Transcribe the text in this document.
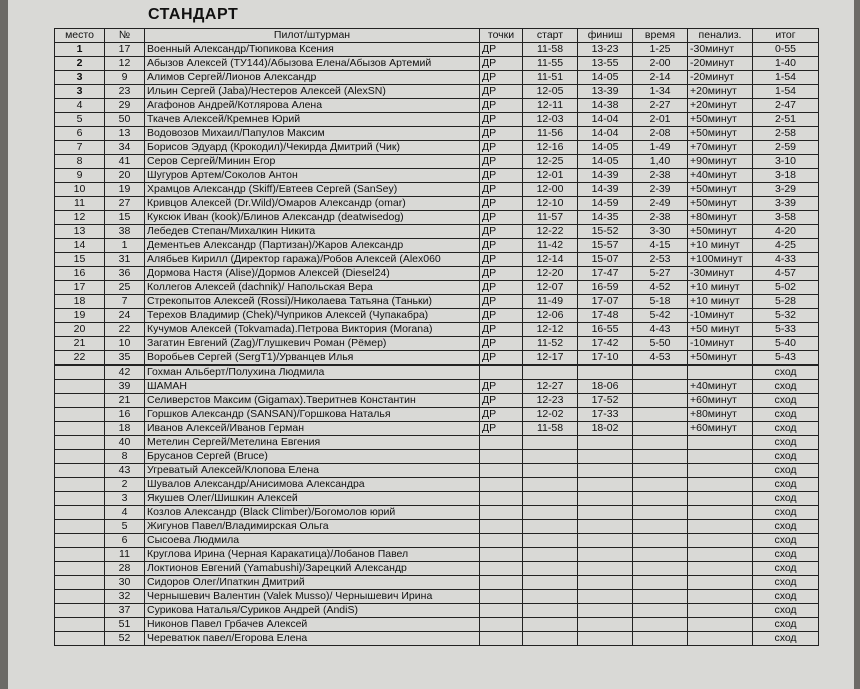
СТАНДАРТ
место	№	Пилот/штурман	точки	старт	финиш	время	пенализ.	итог
1	17	Военный Александр/Тюпикова Ксения	ДР	11-58	13-23	1-25	-30минут	0-55
2	12	Абызов Алексей (ТУ144)/Абызова Елена/Абызов Артемий	ДР	11-55	13-55	2-00	-20минут	1-40
3	9	Алимов Сергей/Лионов Александр	ДР	11-51	14-05	2-14	-20минут	1-54
3	23	Ильин Сергей (Jaba)/Нестеров Алексей (AlexSN)	ДР	12-05	13-39	1-34	+20минут	1-54
4	29	Агафонов Андрей/Котлярова Алена	ДР	12-11	14-38	2-27	+20минут	2-47
5	50	Ткачев Алексей/Кремнев Юрий	ДР	12-03	14-04	2-01	+50минут	2-51
6	13	Водовозов Михаил/Папулов Максим	ДР	11-56	14-04	2-08	+50минут	2-58
7	34	Борисов Эдуард (Крокодил)/Чекирда Дмитрий (Чик)	ДР	12-16	14-05	1-49	+70минут	2-59
8	41	Серов Сергей/Минин Егор	ДР	12-25	14-05	1,40	+90минут	3-10
9	20	Шугуров Артем/Соколов Антон	ДР	12-01	14-39	2-38	+40минут	3-18
10	19	Храмцов Александр (Skiff)/Евтеев Сергей (SanSey)	ДР	12-00	14-39	2-39	+50минут	3-29
11	27	Кривцов Алексей (Dr.Wild)/Омаров Александр (omar)	ДР	12-10	14-59	2-49	+50минут	3-39
12	15	Куксюк Иван (kook)/Блинов Александр (deatwisedog)	ДР	11-57	14-35	2-38	+80минут	3-58
13	38	Лебедев Степан/Михалкин Никита	ДР	12-22	15-52	3-30	+50минут	4-20
14	1	Дементьев Александр (Партизан)/Жаров Александр	ДР	11-42	15-57	4-15	+10 минут	4-25
15	31	Алябьев Кирилл (Директор гаража)/Робов Алексей (Alex060	ДР	12-14	15-07	2-53	+100минут	4-33
16	36	Дормова Настя (Alise)/Дормов Алексей (Diesel24)	ДР	12-20	17-47	5-27	-30минут	4-57
17	25	Коллегов Алексей (dachnik)/ Напольская Вера	ДР	12-07	16-59	4-52	+10 минут	5-02
18	7	Стрекопытов Алексей (Rossi)/Николаева Татьяна (Таньки)	ДР	11-49	17-07	5-18	+10 минут	5-28
19	24	Терехов Владимир (Chek)/Чуприков Алексей (Чупакабра)	ДР	12-06	17-48	5-42	-10минут	5-32
20	22	Кучумов Алексей (Tokvamada).Петрова Виктория (Morana)	ДР	12-12	16-55	4-43	+50 минут	5-33
21	10	Загатин Евгений (Zag)/Глушкевич Роман (Рёмер)	ДР	11-52	17-42	5-50	-10минут	5-40
22	35	Воробьев Сергей (SergT1)/Урванцев Илья	ДР	12-17	17-10	4-53	+50минут	5-43
	42	Гохман Альберт/Полухина Людмила						сход
	39	ШАМАН	ДР	12-27	18-06		+40минут	сход
	21	Селиверстов Максим (Gigamax).Тверитнев Константин	ДР	12-23	17-52		+60минут	сход
	16	Горшков Александр (SANSAN)/Горшкова Наталья	ДР	12-02	17-33		+80минут	сход
	18	Иванов Алексей/Иванов Герман	ДР	11-58	18-02		+60минут	сход
	40	Метелин Сергей/Метелина Евгения						сход
	8	Брусанов Сергей (Bruce)						сход
	43	Угреватый Алексей/Клопова Елена						сход
	2	Шувалов Александр/Анисимова Александра						сход
	3	Якушев Олег/Шишкин Алексей						сход
	4	Козлов Александр (Black Climber)/Богомолов юрий						сход
	5	Жигунов Павел/Владимирская Ольга						сход
	6	Сысоева Людмила						сход
	11	Круглова Ирина (Черная Каракатица)/Лобанов Павел						сход
	28	Локтионов Евгений (Yamabushi)/Зарецкий Александр						сход
	30	Сидоров Олег/Ипаткин Дмитрий						сход
	32	Чернышевич Валентин (Valek Musso)/ Чернышевич Ирина						сход
	37	Сурикова Наталья/Суриков Андрей (AndiS)						сход
	51	Никонов Павел Грбачев Алексей						сход
	52	Череватюк павел/Егорова Елена						сход
